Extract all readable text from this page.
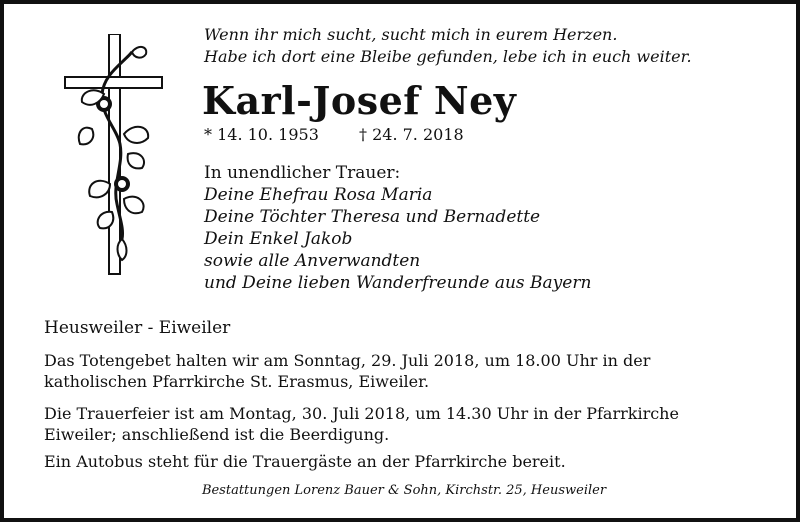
Wenn ihr mich sucht, sucht mich in eurem Herzen.
Habe ich dort eine Bleibe gefunden, lebe ich in euch weiter.
Karl-Josef Ney
* 14. 10. 1953	† 24. 7. 2018
In unendlicher Trauer:
Deine Ehefrau Rosa Maria
Deine Töchter Theresa und Bernadette
Dein Enkel Jakob
sowie alle Anverwandten
und Deine lieben Wanderfreunde aus Bayern
Heusweiler - Eiweiler
Das Totengebet halten wir am Sonntag, 29. Juli 2018, um 18.00 Uhr in der katholischen Pfarrkirche St. Erasmus, Eiweiler.
Die Trauerfeier ist am Montag, 30. Juli 2018, um 14.30 Uhr in der Pfarrkirche Eiweiler; anschließend ist die Beerdigung.
Ein Autobus steht für die Trauergäste an der Pfarrkirche bereit.
Bestattungen Lorenz Bauer & Sohn, Kirchstr. 25, Heusweiler
